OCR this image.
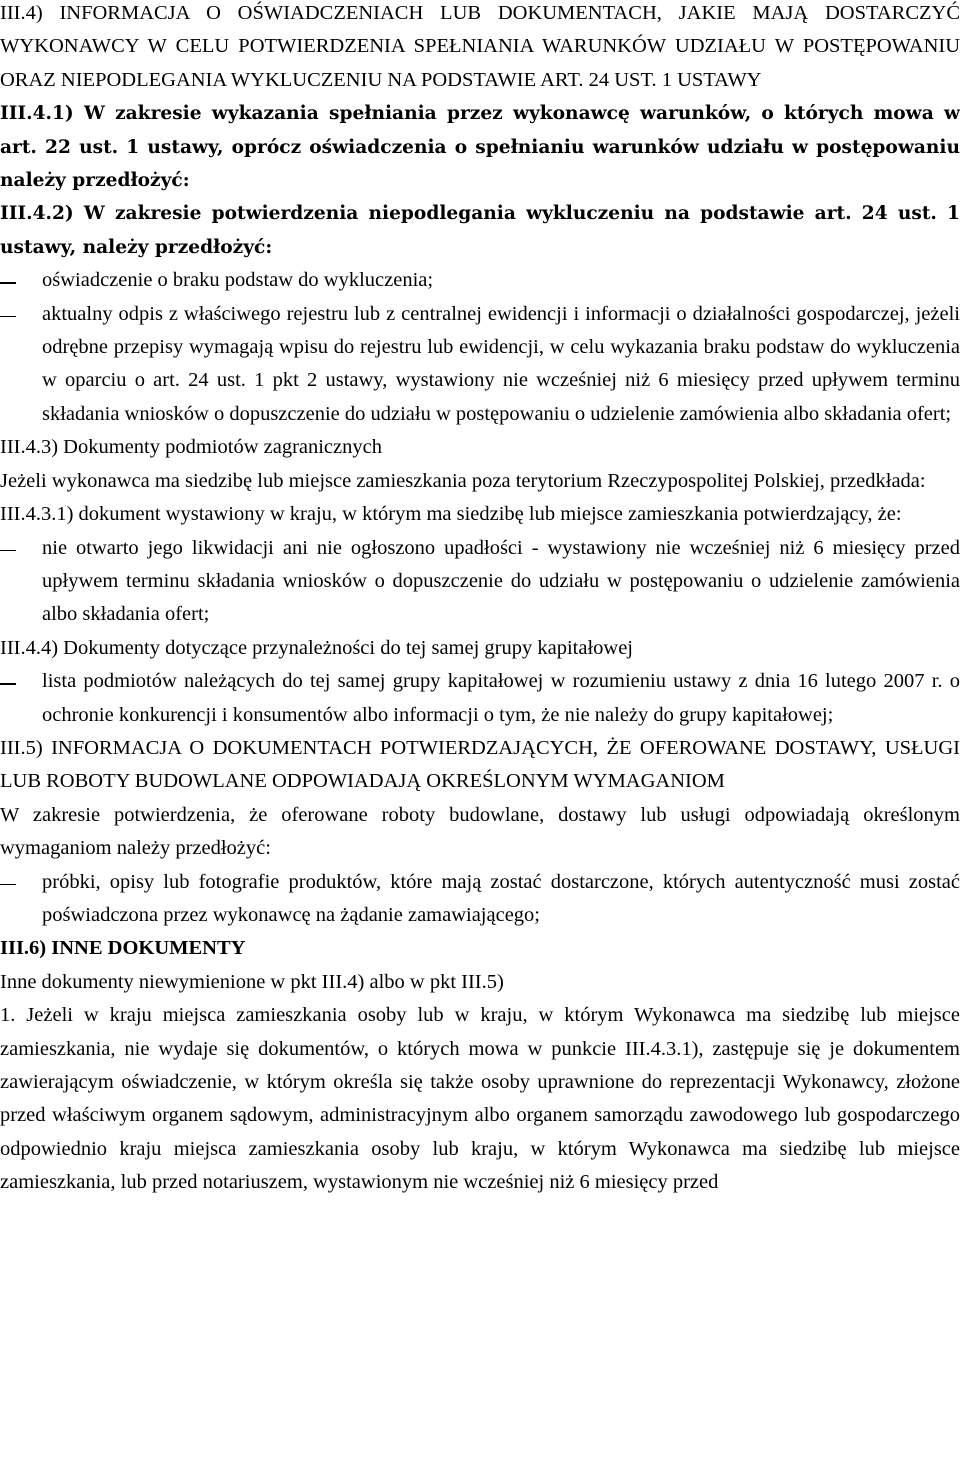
III.4) INFORMACJA O OŚWIADCZENIACH LUB DOKUMENTACH, JAKIE MAJĄ DOSTARCZYĆ WYKONAWCY W CELU POTWIERDZENIA SPEŁNIANIA WARUNKÓW UDZIAŁU W POSTĘPOWANIU ORAZ NIEPODLEGANIA WYKLUCZENIU NA PODSTAWIE ART. 24 UST. 1 USTAWY

III.4.1) W zakresie wykazania spełniania przez wykonawcę warunków, o których mowa w art. 22 ust. 1 ustawy, oprócz oświadczenia o spełnianiu warunków udziału w postępowaniu należy przedłożyć:

III.4.2) W zakresie potwierdzenia niepodlegania wykluczeniu na podstawie art. 24 ust. 1 ustawy, należy przedłożyć:

oświadczenie o braku podstaw do wykluczenia;

aktualny odpis z właściwego rejestru lub z centralnej ewidencji i informacji o działalności gospodarczej, jeżeli odrębne przepisy wymagają wpisu do rejestru lub ewidencji, w celu wykazania braku podstaw do wykluczenia w oparciu o art. 24 ust. 1 pkt 2 ustawy, wystawiony nie wcześniej niż 6 miesięcy przed upływem terminu składania wniosków o dopuszczenie do udziału w postępowaniu o udzielenie zamówienia albo składania ofert;

III.4.3) Dokumenty podmiotów zagranicznych

Jeżeli wykonawca ma siedzibę lub miejsce zamieszkania poza terytorium Rzeczypospolitej Polskiej, przedkłada:

III.4.3.1) dokument wystawiony w kraju, w którym ma siedzibę lub miejsce zamieszkania potwierdzający, że:

nie otwarto jego likwidacji ani nie ogłoszono upadłości - wystawiony nie wcześniej niż 6 miesięcy przed upływem terminu składania wniosków o dopuszczenie do udziału w postępowaniu o udzielenie zamówienia albo składania ofert;

III.4.4) Dokumenty dotyczące przynależności do tej samej grupy kapitałowej

lista podmiotów należących do tej samej grupy kapitałowej w rozumieniu ustawy z dnia 16 lutego 2007 r. o ochronie konkurencji i konsumentów albo informacji o tym, że nie należy do grupy kapitałowej;

III.5) INFORMACJA O DOKUMENTACH POTWIERDZAJĄCYCH, ŻE OFEROWANE DOSTAWY, USŁUGI LUB ROBOTY BUDOWLANE ODPOWIADAJĄ OKREŚLONYM WYMAGANIOM

W zakresie potwierdzenia, że oferowane roboty budowlane, dostawy lub usługi odpowiadają określonym wymaganiom należy przedłożyć:

próbki, opisy lub fotografie produktów, które mają zostać dostarczone, których autentyczność musi zostać poświadczona przez wykonawcę na żądanie zamawiającego;

III.6) INNE DOKUMENTY

Inne dokumenty niewymienione w pkt III.4) albo w pkt III.5)

1. Jeżeli w kraju miejsca zamieszkania osoby lub w kraju, w którym Wykonawca ma siedzibę lub miejsce zamieszkania, nie wydaje się dokumentów, o których mowa w punkcie III.4.3.1), zastępuje się je dokumentem zawierającym oświadczenie, w którym określa się także osoby uprawnione do reprezentacji Wykonawcy, złożone przed właściwym organem sądowym, administracyjnym albo organem samorządu zawodowego lub gospodarczego odpowiednio kraju miejsca zamieszkania osoby lub kraju, w którym Wykonawca ma siedzibę lub miejsce zamieszkania, lub przed notariuszem, wystawionym nie wcześniej niż 6 miesięcy przed
